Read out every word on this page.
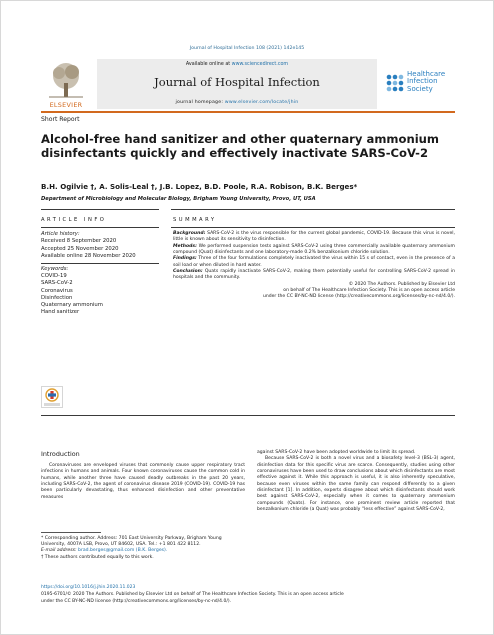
Journal of Hospital Infection 108 (2021) 142e145
ELSEVIER
Available online at www.sciencedirect.com
Journal of Hospital Infection
journal homepage: www.elsevier.com/locate/jhin
Healthcare
Infection
Society
Short Report
Alcohol-free hand sanitizer and other quaternary ammonium disinfectants quickly and effectively inactivate SARS-CoV-2
B.H. Ogilvie †, A. Solis-Leal †, J.B. Lopez, B.D. Poole, R.A. Robison, B.K. Berges*
Department of Microbiology and Molecular Biology, Brigham Young University, Provo, UT, USA
ARTICLE INFO	SUMMARY
Article history:
Received 8 September 2020
Accepted 25 November 2020
Available online 28 November 2020
Keywords:
COVID-19
SARS-CoV-2
Coronavirus
Disinfection
Quaternary ammonium
Hand sanitizer

Background: SARS-CoV-2 is the virus responsible for the current global pandemic, COVID-19. Because this virus is novel, little is known about its sensitivity to disinfection.

Methods: We performed suspension tests against SARS-CoV-2 using three commercially available quaternary ammonium compound (Quat) disinfectants and one laboratory-made 0.2% benzalkonium chloride solution.

Findings: Three of the four formulations completely inactivated the virus within 15 s of contact, even in the presence of a soil load or when diluted in hard water.

Conclusion: Quats rapidly inactivate SARS-CoV-2, making them potentially useful for controlling SARS-CoV-2 spread in hospitals and the community.

© 2020 The Authors. Published by Elsevier Ltd

on behalf of The Healthcare Infection Society. This is an open access article

under the CC BY-NC-ND license (http://creativecommons.org/licenses/by-nc-nd/4.0/).

Introduction
Coronaviruses are enveloped viruses that commonly cause upper respiratory tract infections in humans and animals. Four known coronaviruses cause the common cold in humans, while another three have caused deadly outbreaks in the past 20 years, including SARS-CoV-2, the agent of coronavirus disease 2019 (COVID-19). COVID-19 has been particularly devastating, thus enhanced disinfection and other preventative measures
* Corresponding author. Address: 701 East University Parkway, Brigham Young University, 4007A LSB, Provo, UT 84602, USA. Tel.: +1 801 422 8112.
E-mail address: brad.berges@gmail.com (B.K. Berges).
† These authors contributed equally to this work.

against SARS-CoV-2 have been adopted worldwide to limit its spread.

Because SARS-CoV-2 is both a novel virus and a biosafety level-3 (BSL-3) agent, disinfection data for this specific virus are scarce. Consequently, studies using other coronaviruses have been used to draw conclusions about which disinfectants are most effective against it. While this approach is useful, it is also inherently speculative, because even viruses within the same family can respond differently to a given disinfectant [1]. In addition, experts disagree about which disinfectants should work best against SARS-CoV-2, especially when it comes to quaternary ammonium compounds (Quats). For instance, one prominent review article reported that benzalkonium chloride (a Quat) was probably “less effective” against SARS-CoV-2,

https://doi.org/10.1016/j.jhin.2020.11.023
0195-6701/© 2020 The Authors. Published by Elsevier Ltd on behalf of The Healthcare Infection Society. This is an open access article
under the CC BY-NC-ND license (http://creativecommons.org/licenses/by-nc-nd/4.0/).
